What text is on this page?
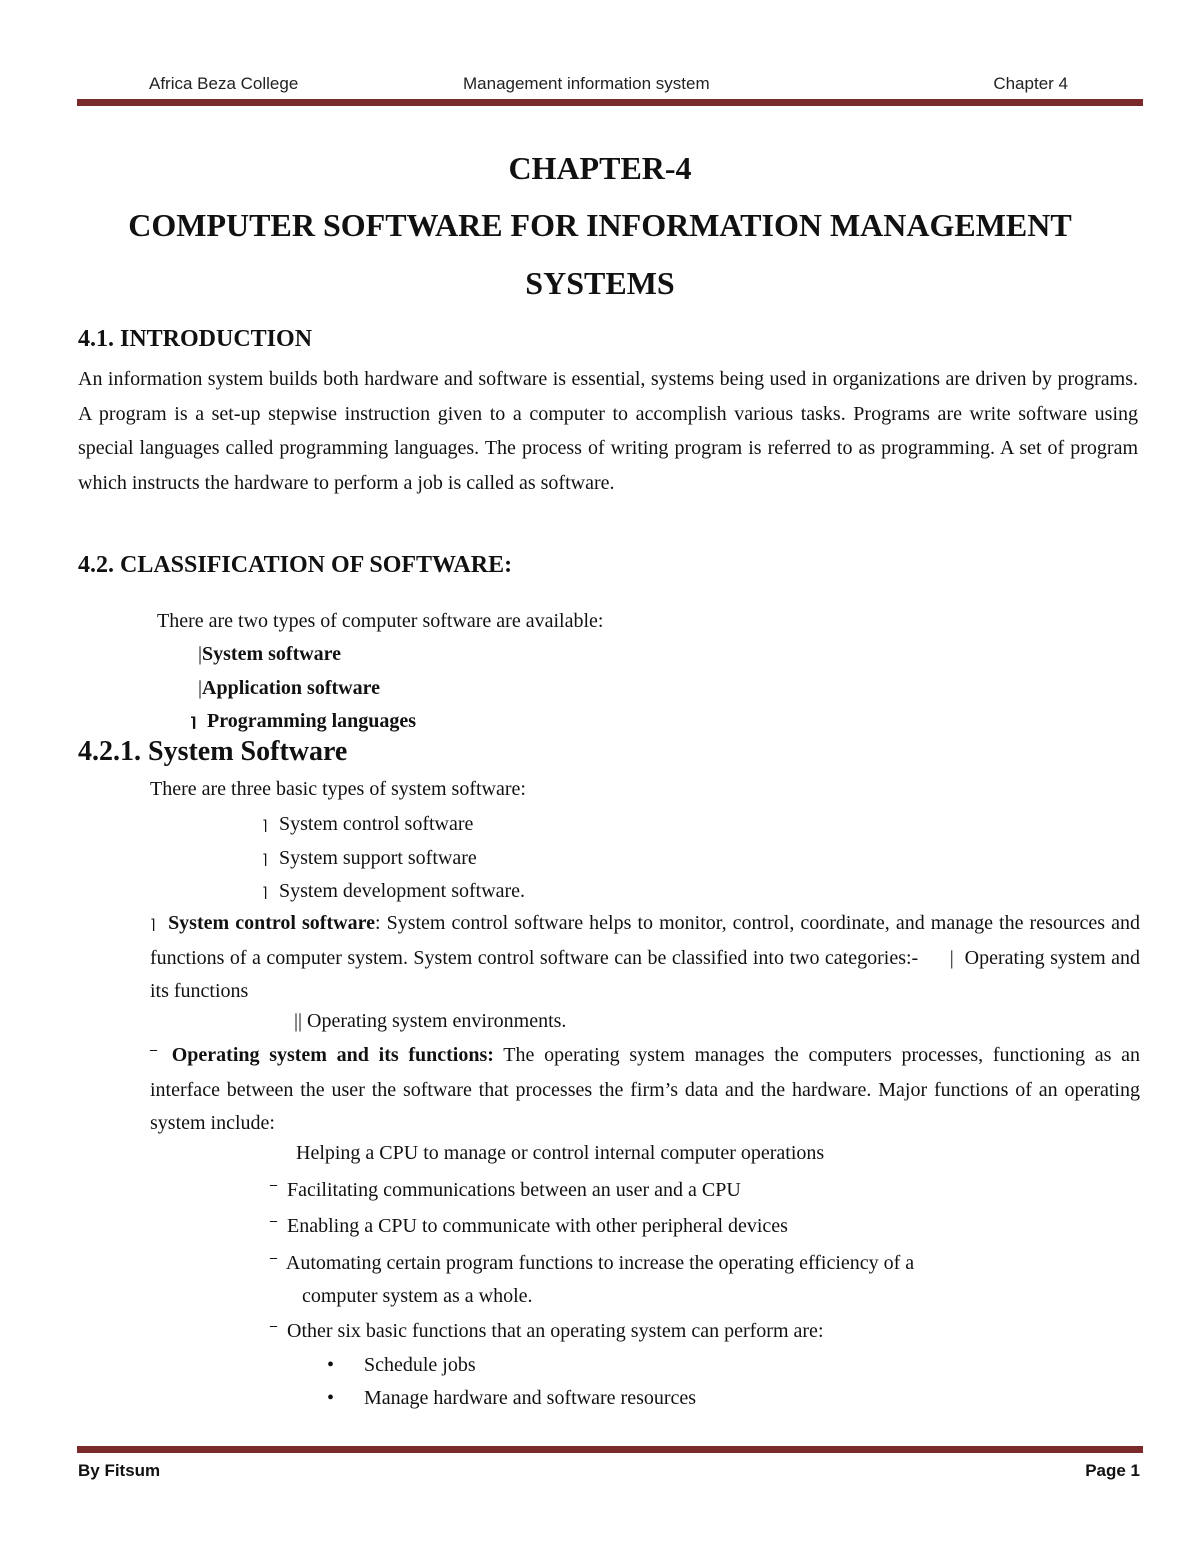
Africa Beza College	Management information system	Chapter 4
CHAPTER-4
COMPUTER SOFTWARE FOR INFORMATION MANAGEMENT
SYSTEMS
4.1. INTRODUCTION
An information system builds both hardware and software is essential, systems being used in organizations are driven by programs. A program is a set-up stepwise instruction given to a computer to accomplish various tasks. Programs are write software using special languages called programming languages. The process of writing program is referred to as programming. A set of program which instructs the hardware to perform a job is called as software.
4.2. CLASSIFICATION OF SOFTWARE:
There are two types of computer software are available:
|System software
|Application software
⌉ Programming languages
4.2.1. System Software
There are three basic types of system software:
⌉ System control software
⌉ System support software
⌉ System development software.
⌉ System control software: System control software helps to monitor, control, coordinate, and manage the resources and functions of a computer system. System control software can be classified into two categories:- | Operating system and its functions
|| Operating system environments.
‾ Operating system and its functions: The operating system manages the computers processes, functioning as an interface between the user the software that processes the firm’s data and the hardware. Major functions of an operating system include:
Helping a CPU to manage or control internal computer operations
‾ Facilitating communications between an user and a CPU
‾ Enabling a CPU to communicate with other peripheral devices
‾ Automating certain program functions to increase the operating efficiency of a
computer system as a whole.
‾ Other six basic functions that an operating system can perform are:
• Schedule jobs
• Manage hardware and software resources
By Fitsum	Page 1
